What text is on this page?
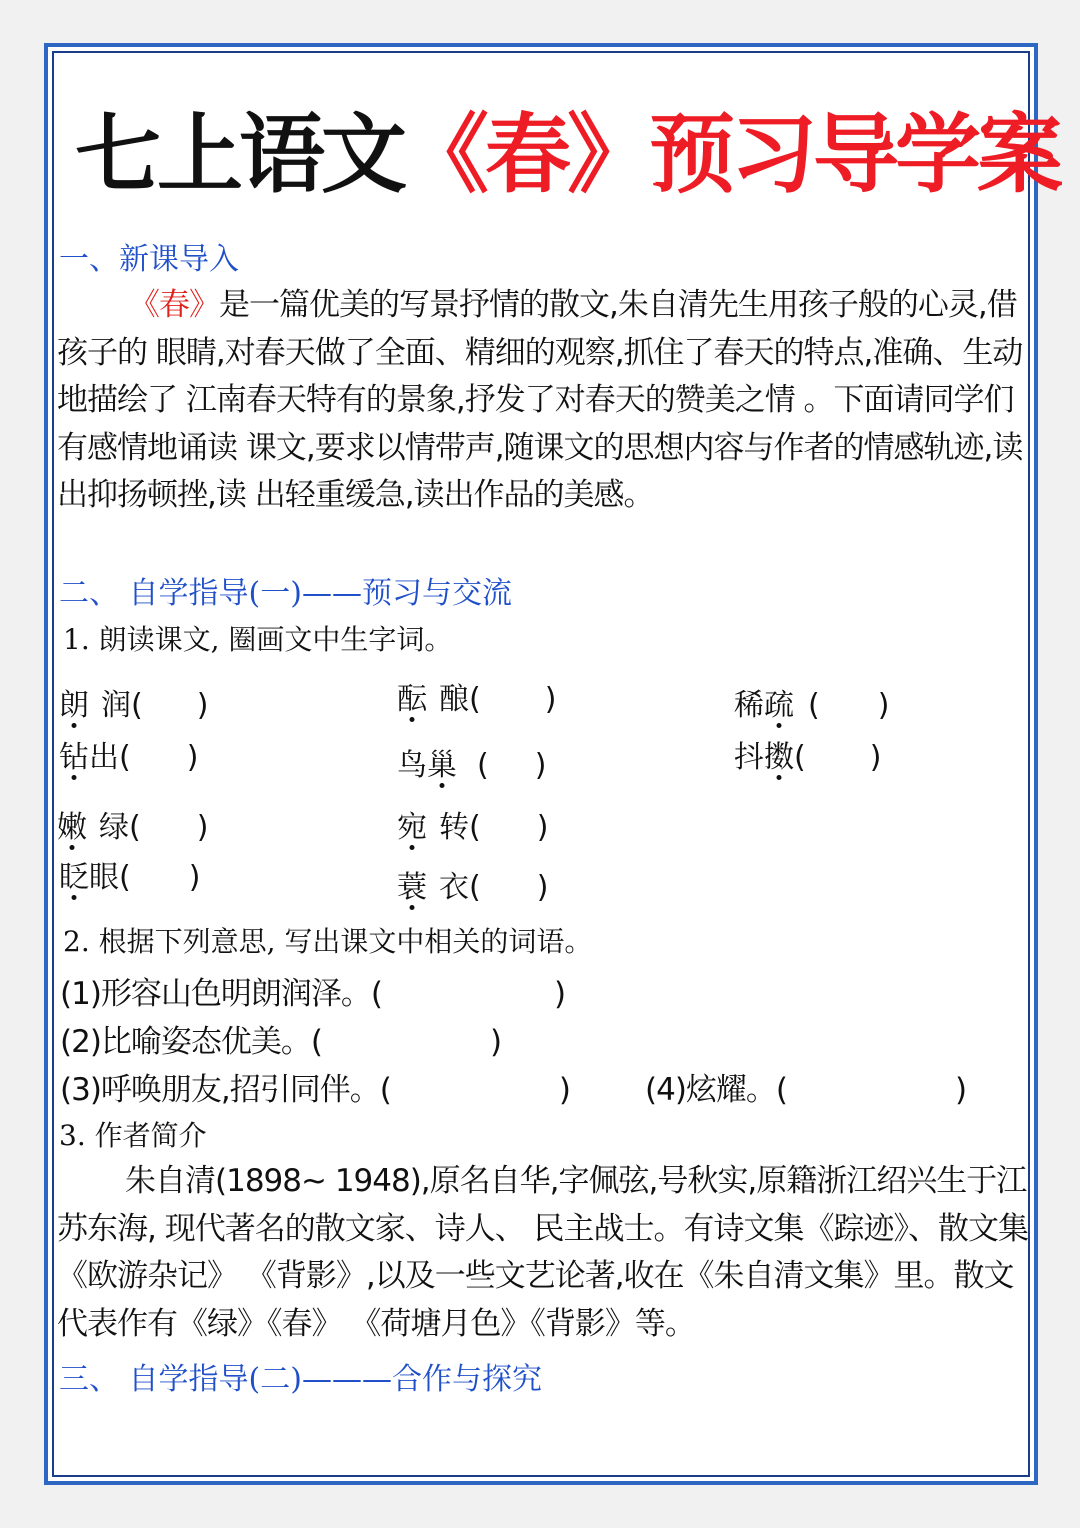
七上语文《春》预习导学案
一、新课导入

《春》是一篇优美的写景抒情的散文,朱自清先生用孩子般的心灵,借孩子的 眼睛,对春天做了全面、精细的观察,抓住了春天的特点,准确、生动地描绘了 江南春天特有的景象,抒发了对春天的赞美之情 。下面请同学们有感情地诵读 课文,要求以情带声,随课文的思想内容与作者的情感轨迹,读出抑扬顿挫,读 出轻重缓急,读出作品的美感。

二、 自学指导(一)——预习与交流
1. 朗读课文, 圈画文中生字词。
朗 润( )	酝 酿( )	稀疏 ( )
钻出( )	鸟巢 ( )	抖擞( )
嫩 绿( )	宛 转( )
眨眼( )	蓑 衣( )
2. 根据下列意思, 写出课文中相关的词语。
(1)形容山色明朗润泽。(	)
(2)比喻姿态优美。(	)
(3)呼唤朋友,招引同伴。(	) (4)炫耀。(	)
3. 作者简介

朱自清(1898~ 1948),原名自华,字佩弦,号秋实,原籍浙江绍兴生于江苏东海, 现代著名的散文家、诗人、 民主战士。有诗文集《踪迹》、散文集《欧游杂记》 《背影》,以及一些文艺论著,收在《朱自清文集》里。散文代表作有《绿》《春》 《荷塘月色》《背影》等。

三、 自学指导(二)———合作与探究
